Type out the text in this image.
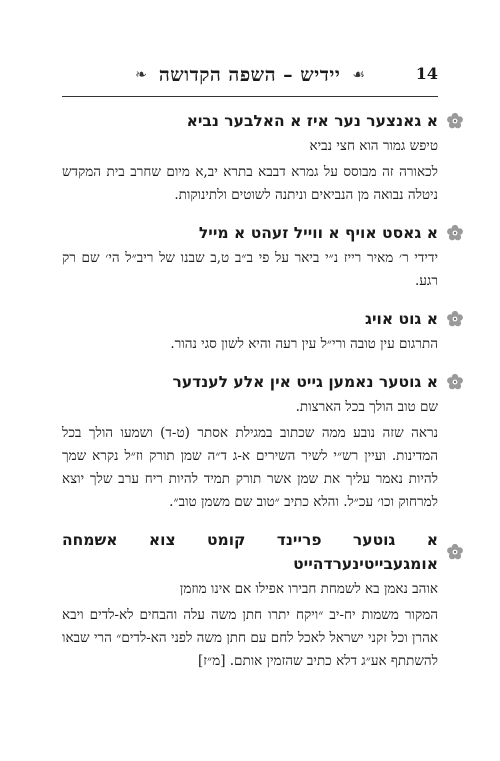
☙
יידיש – השפה הקדושה
❧	14
א גאנצער נער איז א האלבער נביא
טיפש גמור הוא חצי נביא
לכאורה זה מבוסס על גמרא דבבא בתרא יב,א מיום שחרב בית המקדש ניטלה נבואה מן הנביאים וניתנה לשוטים ולתינוקות.
א גאסט אויף א ווייל זעהט א מייל
ידידי ר׳ מאיר רייז נ״י ביאר על פי ב״ב ט,ב שבנו של ריב״ל הי׳ שם רק רגע.
א גוט אויג
התרגום עין טובה ורי״ל עין רעה והיא לשון סגי נהור.
א גוטער נאמען גייט אין אלע לענדער
שם טוב הולך בכל הארצות.
נראה שזה נובע ממה שכתוב במגילת אסתר (ט-ד) ושמעו הולך בכל המדינות. ועיין רש״י לשיר השירים א-ג ד״ה שמן תורק וז״ל נקרא שמך להיות נאמר עליך את שמן אשר תורק תמיד להיות ריח ערב שלך יוצא למרחוק וכו׳ עכ״ל. והלא כתיב ״טוב שם משמן טוב״.
א גוטער פריינד קומט צוא אשמחה אומגעבייטינערדהייט
אוהב נאמן בא לשמחת חבירו אפילו אם אינו מוזמן
המקור משמות יח-יב ״ויקח יתרו חתן משה עלה והבחים לא-לדים ויבא אהרן וכל זקני ישראל לאכל לחם עם חתן משה לפני הא-לדים״ הרי שבאו להשתתף אע״ג דלא כתיב שהזמין אותם. [מ״ז]
